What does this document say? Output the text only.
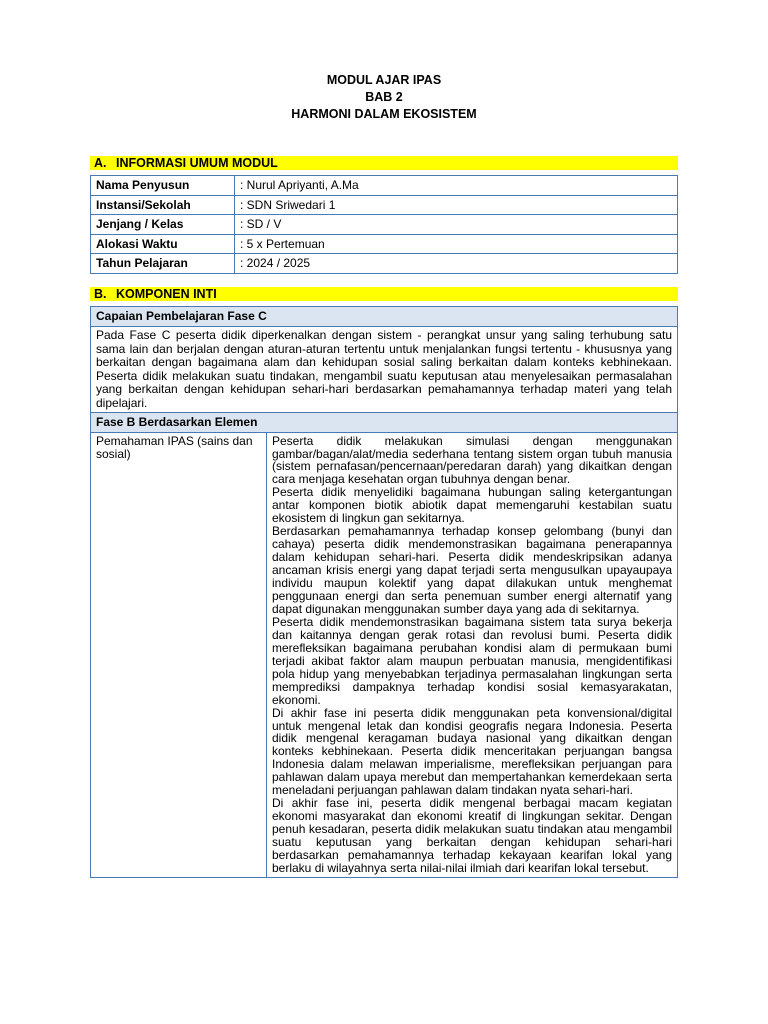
MODUL AJAR IPAS
BAB 2
HARMONI DALAM EKOSISTEM
A. INFORMASI UMUM MODUL
Nama Penyusun	: Nurul Apriyanti, A.Ma
Instansi/Sekolah	: SDN Sriwedari 1
Jenjang / Kelas	: SD / V
Alokasi Waktu	: 5 x Pertemuan
Tahun Pelajaran	: 2024 / 2025
B. KOMPONEN INTI
Capaian Pembelajaran Fase C
Pada Fase C peserta didik diperkenalkan dengan sistem - perangkat unsur yang saling terhubung satu sama lain dan berjalan dengan aturan-aturan tertentu untuk menjalankan fungsi tertentu - khususnya yang berkaitan dengan bagaimana alam dan kehidupan sosial saling berkaitan dalam konteks kebhinekaan. Peserta didik melakukan suatu tindakan, mengambil suatu keputusan atau menyelesaikan permasalahan yang berkaitan dengan kehidupan sehari-hari berdasarkan pemahamannya terhadap materi yang telah dipelajari.
Fase B Berdasarkan Elemen
Pemahaman IPAS (sains dan sosial)	

Peserta didik melakukan simulasi dengan menggunakan gambar/bagan/alat/media sederhana tentang sistem organ tubuh manusia (sistem pernafasan/pencernaan/peredaran darah) yang dikaitkan dengan cara menjaga kesehatan organ tubuhnya dengan benar.

Peserta didik menyelidiki bagaimana hubungan saling ketergantungan antar komponen biotik abiotik dapat memengaruhi kestabilan suatu ekosistem di lingkun gan sekitarnya.

Berdasarkan pemahamannya terhadap konsep gelombang (bunyi dan cahaya) peserta didik mendemonstrasikan bagaimana penerapannya dalam kehidupan sehari-hari. Peserta didik mendeskripsikan adanya ancaman krisis energi yang dapat terjadi serta mengusulkan upayaupaya individu maupun kolektif yang dapat dilakukan untuk menghemat penggunaan energi dan serta penemuan sumber energi alternatif yang dapat digunakan menggunakan sumber daya yang ada di sekitarnya.

Peserta didik mendemonstrasikan bagaimana sistem tata surya bekerja dan kaitannya dengan gerak rotasi dan revolusi bumi. Peserta didik merefleksikan bagaimana perubahan kondisi alam di permukaan bumi terjadi akibat faktor alam maupun perbuatan manusia, mengidentifikasi pola hidup yang menyebabkan terjadinya permasalahan lingkungan serta memprediksi dampaknya terhadap kondisi sosial kemasyarakatan, ekonomi.

Di akhir fase ini peserta didik menggunakan peta konvensional/digital untuk mengenal letak dan kondisi geografis negara Indonesia. Peserta didik mengenal keragaman budaya nasional yang dikaitkan dengan konteks kebhinekaan. Peserta didik menceritakan perjuangan bangsa Indonesia dalam melawan imperialisme, merefleksikan perjuangan para pahlawan dalam upaya merebut dan mempertahankan kemerdekaan serta meneladani perjuangan pahlawan dalam tindakan nyata sehari-hari.

Di akhir fase ini, peserta didik mengenal berbagai macam kegiatan ekonomi masyarakat dan ekonomi kreatif di lingkungan sekitar. Dengan penuh kesadaran, peserta didik melakukan suatu tindakan atau mengambil suatu keputusan yang berkaitan dengan kehidupan sehari-hari berdasarkan pemahamannya terhadap kekayaan kearifan lokal yang berlaku di wilayahnya serta nilai-nilai ilmiah dari kearifan lokal tersebut.
